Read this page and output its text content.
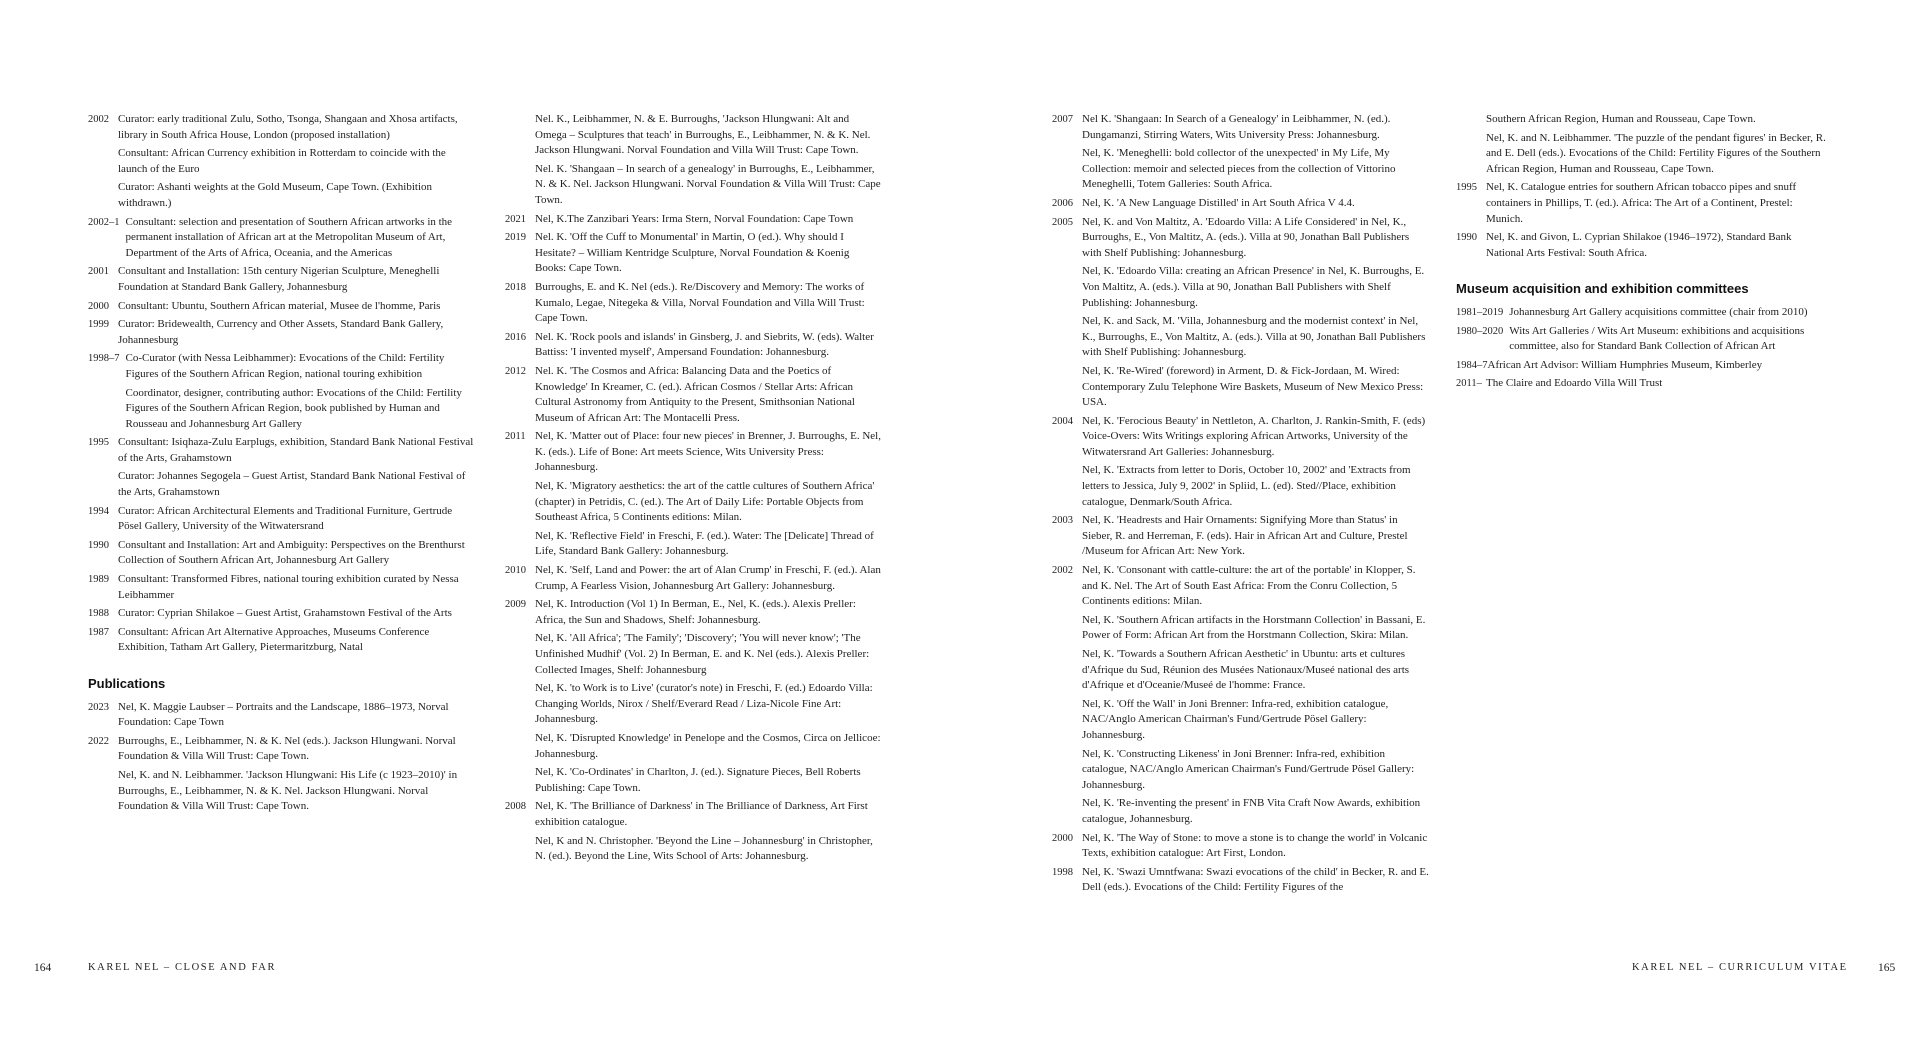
2002 Curator: early traditional Zulu, Sotho, Tsonga, Shangaan and Xhosa artifacts, library in South Africa House, London (proposed installation)
Consultant: African Currency exhibition in Rotterdam to coincide with the launch of the Euro
Curator: Ashanti weights at the Gold Museum, Cape Town. (Exhibition withdrawn.)
2002–1 Consultant: selection and presentation of Southern African artworks in the permanent installation of African art at the Metropolitan Museum of Art, Department of the Arts of Africa, Oceania, and the Americas
2001 Consultant and Installation: 15th century Nigerian Sculpture, Meneghelli Foundation at Standard Bank Gallery, Johannesburg
2000 Consultant: Ubuntu, Southern African material, Musee de l'homme, Paris
1999 Curator: Bridewealth, Currency and Other Assets, Standard Bank Gallery, Johannesburg
1998–7 Co-Curator (with Nessa Leibhammer): Evocations of the Child: Fertility Figures of the Southern African Region, national touring exhibition
Coordinator, designer, contributing author: Evocations of the Child: Fertility Figures of the Southern African Region, book published by Human and Rousseau and Johannesburg Art Gallery
1995 Consultant: Isiqhaza-Zulu Earplugs, exhibition, Standard Bank National Festival of the Arts, Grahamstown
Curator: Johannes Segogela – Guest Artist, Standard Bank National Festival of the Arts, Grahamstown
1994 Curator: African Architectural Elements and Traditional Furniture, Gertrude Pösel Gallery, University of the Witwatersrand
1990 Consultant and Installation: Art and Ambiguity: Perspectives on the Brenthurst Collection of Southern African Art, Johannesburg Art Gallery
1989 Consultant: Transformed Fibres, national touring exhibition curated by Nessa Leibhammer
1988 Curator: Cyprian Shilakoe – Guest Artist, Grahamstown Festival of the Arts
1987 Consultant: African Art Alternative Approaches, Museums Conference Exhibition, Tatham Art Gallery, Pietermaritzburg, Natal
Publications
2023 Nel, K. Maggie Laubser – Portraits and the Landscape, 1886–1973, Norval Foundation: Cape Town
2022 Burroughs, E., Leibhammer, N. & K. Nel (eds.). Jackson Hlungwani. Norval Foundation & Villa Will Trust: Cape Town.
Nel, K. and N. Leibhammer. 'Jackson Hlungwani: His Life (c 1923–2010)' in Burroughs, E., Leibhammer, N. & K. Nel. Jackson Hlungwani. Norval Foundation & Villa Will Trust: Cape Town.
Nel. K., Leibhammer, N. & E. Burroughs, 'Jackson Hlungwani: Alt and Omega – Sculptures that teach' in Burroughs, E., Leibhammer, N. & K. Nel. Jackson Hlungwani. Norval Foundation and Villa Will Trust: Cape Town.
Nel. K. 'Shangaan – In search of a genealogy' in Burroughs, E., Leibhammer, N. & K. Nel. Jackson Hlungwani. Norval Foundation & Villa Will Trust: Cape Town.
2021 Nel, K.The Zanzibari Years: Irma Stern, Norval Foundation: Cape Town
2019 Nel. K. 'Off the Cuff to Monumental' in Martin, O (ed.). Why should I Hesitate? – William Kentridge Sculpture, Norval Foundation & Koenig Books: Cape Town.
2018 Burroughs, E. and K. Nel (eds.). Re/Discovery and Memory: The works of Kumalo, Legae, Nitegeka & Villa, Norval Foundation and Villa Will Trust: Cape Town.
2016 Nel. K. 'Rock pools and islands' in Ginsberg, J. and Siebrits, W. (eds). Walter Battiss: 'I invented myself', Ampersand Foundation: Johannesburg.
2012 Nel. K. 'The Cosmos and Africa: Balancing Data and the Poetics of Knowledge' In Kreamer, C. (ed.). African Cosmos / Stellar Arts: African Cultural Astronomy from Antiquity to the Present, Smithsonian National Museum of African Art: The Montacelli Press.
2011 Nel, K. 'Matter out of Place: four new pieces' in Brenner, J. Burroughs, E. Nel, K. (eds.). Life of Bone: Art meets Science, Wits University Press: Johannesburg.
Nel, K. 'Migratory aesthetics: the art of the cattle cultures of Southern Africa' (chapter) in Petridis, C. (ed.). The Art of Daily Life: Portable Objects from Southeast Africa, 5 Continents editions: Milan.
Nel, K. 'Reflective Field' in Freschi, F. (ed.). Water: The [Delicate] Thread of Life, Standard Bank Gallery: Johannesburg.
2010 Nel, K. 'Self, Land and Power: the art of Alan Crump' in Freschi, F. (ed.). Alan Crump, A Fearless Vision, Johannesburg Art Gallery: Johannesburg.
2009 Nel, K. Introduction (Vol 1) In Berman, E., Nel, K. (eds.). Alexis Preller: Africa, the Sun and Shadows, Shelf: Johannesburg.
Nel, K. 'All Africa'; 'The Family'; 'Discovery'; 'You will never know'; 'The Unfinished Mudhif' (Vol. 2) In Berman, E. and K. Nel (eds.). Alexis Preller: Collected Images, Shelf: Johannesburg
Nel, K. 'to Work is to Live' (curator's note) in Freschi, F. (ed.) Edoardo Villa: Changing Worlds, Nirox / Shelf/Everard Read / Liza-Nicole Fine Art: Johannesburg.
Nel, K. 'Disrupted Knowledge' in Penelope and the Cosmos, Circa on Jellicoe: Johannesburg.
Nel, K. 'Co-Ordinates' in Charlton, J. (ed.). Signature Pieces, Bell Roberts Publishing: Cape Town.
2008 Nel, K. 'The Brilliance of Darkness' in The Brilliance of Darkness, Art First exhibition catalogue.
Nel, K and N. Christopher. 'Beyond the Line – Johannesburg' in Christopher, N. (ed.). Beyond the Line, Wits School of Arts: Johannesburg.
2007 Nel K. 'Shangaan: In Search of a Genealogy' in Leibhammer, N. (ed.). Dungamanzi, Stirring Waters, Wits University Press: Johannesburg.
Nel, K. 'Meneghelli: bold collector of the unexpected' in My Life, My Collection: memoir and selected pieces from the collection of Vittorino Meneghelli, Totem Galleries: South Africa.
2006 Nel, K. 'A New Language Distilled' in Art South Africa V 4.4.
2005 Nel, K. and Von Maltitz, A. 'Edoardo Villa: A Life Considered' in Nel, K., Burroughs, E., Von Maltitz, A. (eds.). Villa at 90, Jonathan Ball Publishers with Shelf Publishing: Johannesburg.
Nel, K. 'Edoardo Villa: creating an African Presence' in Nel, K. Burroughs, E. Von Maltitz, A. (eds.). Villa at 90, Jonathan Ball Publishers with Shelf Publishing: Johannesburg.
Nel, K. and Sack, M. 'Villa, Johannesburg and the modernist context' in Nel, K., Burroughs, E., Von Maltitz, A. (eds.). Villa at 90, Jonathan Ball Publishers with Shelf Publishing: Johannesburg.
Nel, K. 'Re-Wired' (foreword) in Arment, D. & Fick-Jordaan, M. Wired: Contemporary Zulu Telephone Wire Baskets, Museum of New Mexico Press: USA.
2004 Nel, K. 'Ferocious Beauty' in Nettleton, A. Charlton, J. Rankin-Smith, F. (eds) Voice-Overs: Wits Writings exploring African Artworks, University of the Witwatersrand Art Galleries: Johannesburg.
Nel, K. 'Extracts from letter to Doris, October 10, 2002' and 'Extracts from letters to Jessica, July 9, 2002' in Spliid, L. (ed). Sted//Place, exhibition catalogue, Denmark/South Africa.
2003 Nel, K. 'Headrests and Hair Ornaments: Signifying More than Status' in Sieber, R. and Herreman, F. (eds). Hair in African Art and Culture, Prestel /Museum for African Art: New York.
2002 Nel, K. 'Consonant with cattle-culture: the art of the portable' in Klopper, S. and K. Nel. The Art of South East Africa: From the Conru Collection, 5 Continents editions: Milan.
Nel, K. 'Southern African artifacts in the Horstmann Collection' in Bassani, E. Power of Form: African Art from the Horstmann Collection, Skira: Milan.
Nel, K. 'Towards a Southern African Aesthetic' in Ubuntu: arts et cultures d'Afrique du Sud, Réunion des Musées Nationaux/Museé national des arts d'Afrique et d'Oceanie/Museé de l'homme: France.
Nel, K. 'Off the Wall' in Joni Brenner: Infra-red, exhibition catalogue, NAC/Anglo American Chairman's Fund/Gertrude Pösel Gallery: Johannesburg.
Nel, K. 'Constructing Likeness' in Joni Brenner: Infra-red, exhibition catalogue, NAC/Anglo American Chairman's Fund/Gertrude Pösel Gallery: Johannesburg.
Nel, K. 'Re-inventing the present' in FNB Vita Craft Now Awards, exhibition catalogue, Johannesburg.
2000 Nel, K. 'The Way of Stone: to move a stone is to change the world' in Volcanic Texts, exhibition catalogue: Art First, London.
1998 Nel, K. 'Swazi Umntfwana: Swazi evocations of the child' in Becker, R. and E. Dell (eds.). Evocations of the Child: Fertility Figures of the
Southern African Region, Human and Rousseau, Cape Town.
Nel, K. and N. Leibhammer. 'The puzzle of the pendant figures' in Becker, R. and E. Dell (eds.). Evocations of the Child: Fertility Figures of the Southern African Region, Human and Rousseau, Cape Town.
1995 Nel, K. Catalogue entries for southern African tobacco pipes and snuff containers in Phillips, T. (ed.). Africa: The Art of a Continent, Prestel: Munich.
1990 Nel, K. and Givon, L. Cyprian Shilakoe (1946–1972), Standard Bank National Arts Festival: South Africa.
Museum acquisition and exhibition committees
1981–2019 Johannesburg Art Gallery acquisitions committee (chair from 2010)
1980–2020 Wits Art Galleries / Wits Art Museum: exhibitions and acquisitions committee, also for Standard Bank Collection of African Art
1984–7 African Art Advisor: William Humphries Museum, Kimberley
2011– The Claire and Edoardo Villa Will Trust
164	KAREL NEL – CLOSE AND FAR	KAREL NEL – CURRICULUM VITAE	165
